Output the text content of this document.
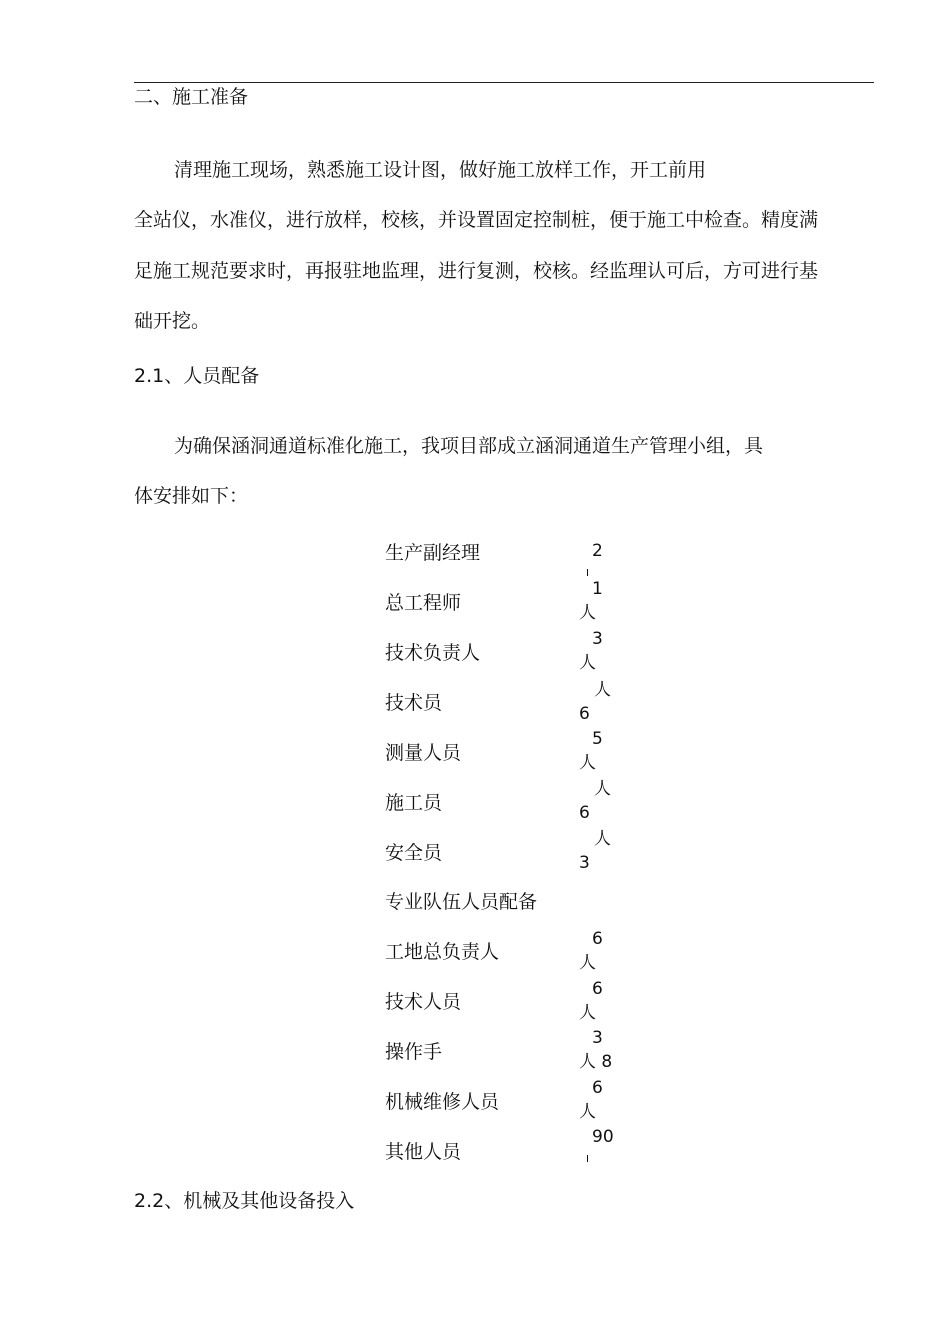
二、施工准备
清理施工现场，熟悉施工设计图，做好施工放样工作，开工前用
全站仪，水准仪，进行放样，校核，并设置固定控制桩，便于施工中检查。精度满
足施工规范要求时，再报驻地监理，进行复测，校核。经监理认可后，方可进行基
础开挖。
2.1、人员配备
为确保涵洞通道标准化施工，我项目部成立涵洞通道生产管理小组，具
体安排如下：
生产副经理	2
总工程师
1
人
技术负责人
3
人
技术员
人
6
测量人员
5
人
施工员
人
6
安全员
人
3
专业队伍人员配备
工地总负责人
6
人
技术人员
6
人
操作手
3
人 8
机械维修人员
6
人
其他人员
90
2.2、机械及其他设备投入
